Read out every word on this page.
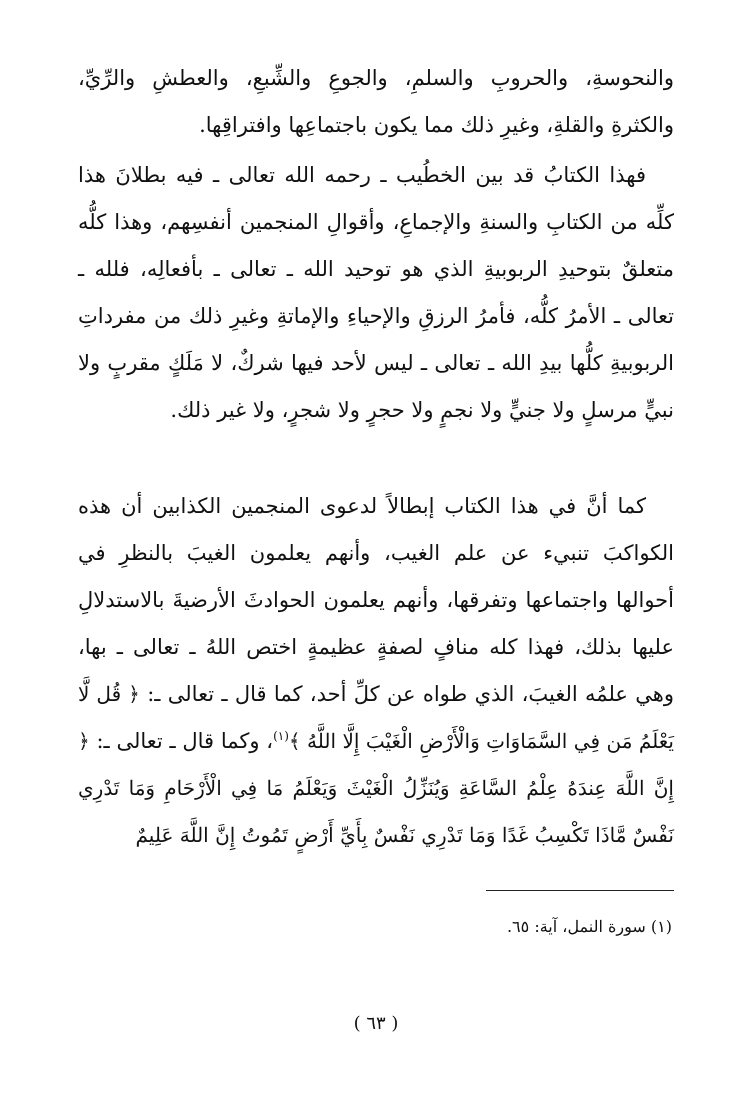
والنحوسةِ، والحروبِ والسلمِ، والجوعِ والشِّبعِ، والعطشِ والرِّيِّ، والكثرةِ والقلةِ، وغيرِ ذلك مما يكون باجتماعِها وافتراقِها.

فهذا الكتابُ قد بين الخطُيب ـ رحمه الله تعالى ـ فيه بطلانَ هذا كلِّه من الكتابِ والسنةِ والإجماعِ، وأقوالِ المنجمين أنفسِهم، وهذا كلُّه متعلقٌ بتوحيدِ الربوبيةِ الذي هو توحيد الله ـ تعالى ـ بأفعالِه، فلله ـ تعالى ـ الأمرُ كلُّه، فأمرُ الرزقِ والإحياءِ والإماتةِ وغيرِ ذلك من مفرداتِ الربوبيةِ كلُّها بيدِ الله ـ تعالى ـ ليس لأحد فيها شركٌ، لا مَلَكٍ مقربٍ ولا نبيٍّ مرسلٍ ولا جنيٍّ ولا نجمٍ ولا حجرٍ ولا شجرٍ، ولا غير ذلك.

كما أنَّ في هذا الكتاب إبطالاً لدعوى المنجمين الكذابين أن هذه الكواكبَ تنبيء عن علم الغيب، وأنهم يعلمون الغيبَ بالنظرِ في أحوالها واجتماعها وتفرقها، وأنهم يعلمون الحوادثَ الأرضيةَ بالاستدلالِ عليها بذلك، فهذا كله منافٍ لصفةٍ عظيمةٍ اختص اللهُ ـ تعالى ـ بها، وهي علمُه الغيبَ، الذي طواه عن كلِّ أحد، كما قال ـ تعالى ـ: ﴿ قُل لَّا يَعْلَمُ مَن فِي السَّمَاوَاتِ وَالْأَرْضِ الْغَيْبَ إِلَّا اللَّهُ ﴾$^{(١)}$، وكما قال ـ تعالى ـ: ﴿ إِنَّ اللَّهَ عِندَهُ عِلْمُ السَّاعَةِ وَيُنَزِّلُ الْغَيْثَ وَيَعْلَمُ مَا فِي الْأَرْحَامِ وَمَا تَدْرِي نَفْسٌ مَّاذَا تَكْسِبُ غَدًا وَمَا تَدْرِي نَفْسٌ بِأَيِّ أَرْضٍ تَمُوتُ إِنَّ اللَّهَ عَلِيمٌ

(١) سورة النمل، آية: ٦٥.
( ٦٣ )
